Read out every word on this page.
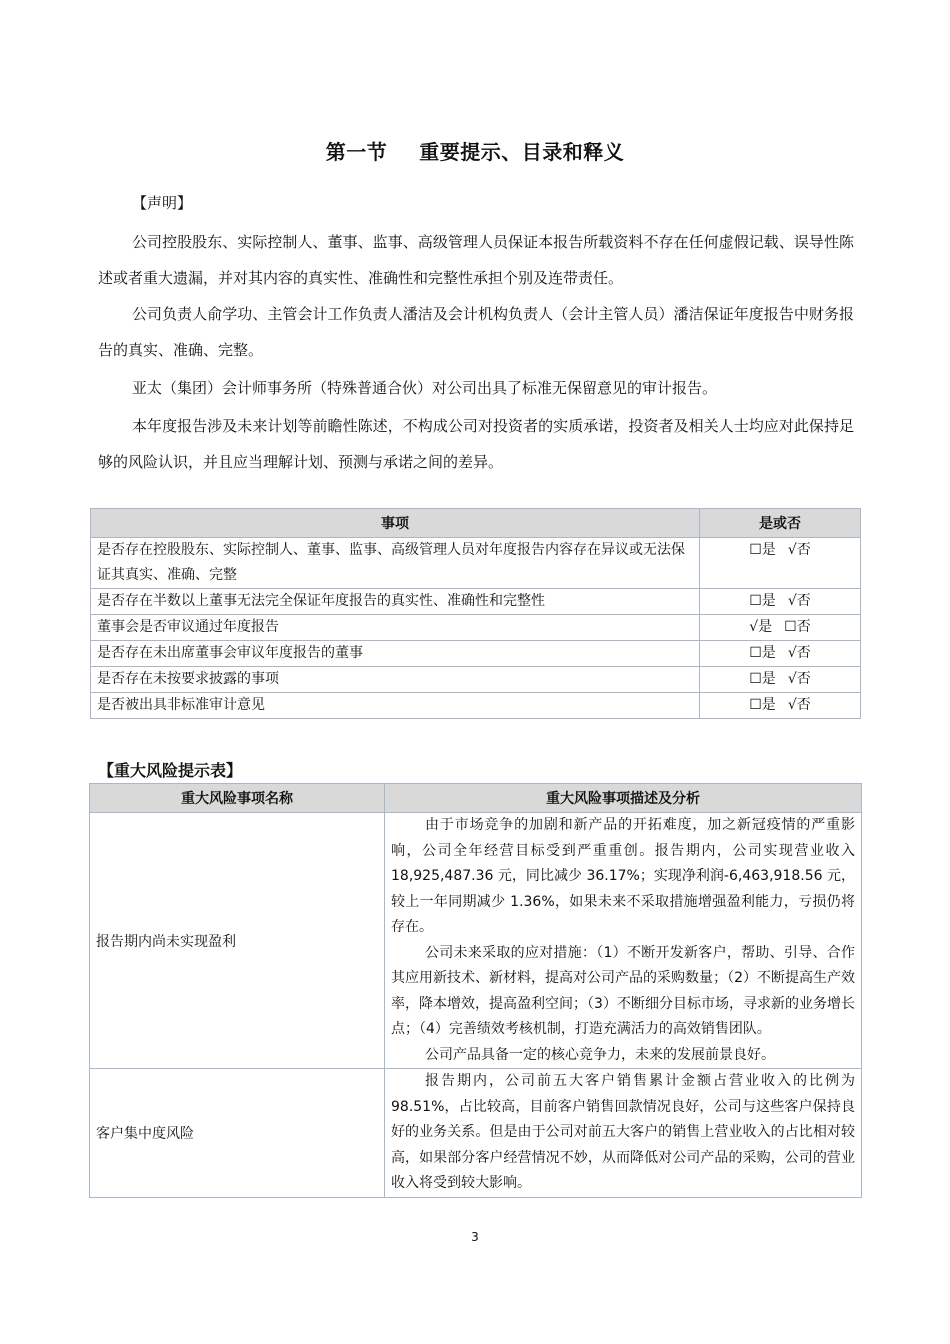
第一节 重要提示、目录和释义
【声明】

公司控股股东、实际控制人、董事、监事、高级管理人员保证本报告所载资料不存在任何虚假记载、误导性陈述或者重大遗漏，并对其内容的真实性、准确性和完整性承担个别及连带责任。

公司负责人俞学功、主管会计工作负责人潘洁及会计机构负责人（会计主管人员）潘洁保证年度报告中财务报告的真实、准确、完整。

亚太（集团）会计师事务所（特殊普通合伙）对公司出具了标准无保留意见的审计报告。

本年度报告涉及未来计划等前瞻性陈述，不构成公司对投资者的实质承诺，投资者及相关人士均应对此保持足够的风险认识，并且应当理解计划、预测与承诺之间的差异。

事项	是或否
是否存在控股股东、实际控制人、董事、监事、高级管理人员对年度报告内容存在异议或无法保证其真实、准确、完整	☐是 √否
是否存在半数以上董事无法完全保证年度报告的真实性、准确性和完整性	☐是 √否
董事会是否审议通过年度报告	√是 ☐否
是否存在未出席董事会审议年度报告的董事	☐是 √否
是否存在未按要求披露的事项	☐是 √否
是否被出具非标准审计意见	☐是 √否
【重大风险提示表】
重大风险事项名称	重大风险事项描述及分析
报告期内尚未实现盈利	由于市场竞争的加剧和新产品的开拓难度，加之新冠疫情的严重影响，公司全年经营目标受到严重重创。报告期内，公司实现营业收入 18,925,487.36 元，同比减少 36.17%；实现净利润-6,463,918.56 元，较上一年同期减少 1.36%，如果未来不采取措施增强盈利能力，亏损仍将存在。

公司未来采取的应对措施：（1）不断开发新客户，帮助、引导、合作其应用新技术、新材料，提高对公司产品的采购数量；（2）不断提高生产效率，降本增效，提高盈利空间；（3）不断细分目标市场，寻求新的业务增长点；（4）完善绩效考核机制，打造充满活力的高效销售团队。

公司产品具备一定的核心竞争力，未来的发展前景良好。

客户集中度风险	报告期内，公司前五大客户销售累计金额占营业收入的比例为 98.51%，占比较高，目前客户销售回款情况良好，公司与这些客户保持良好的业务关系。但是由于公司对前五大客户的销售上营业收入的占比相对较高，如果部分客户经营情况不妙，从而降低对公司产品的采购，公司的营业收入将受到较大影响。

3
